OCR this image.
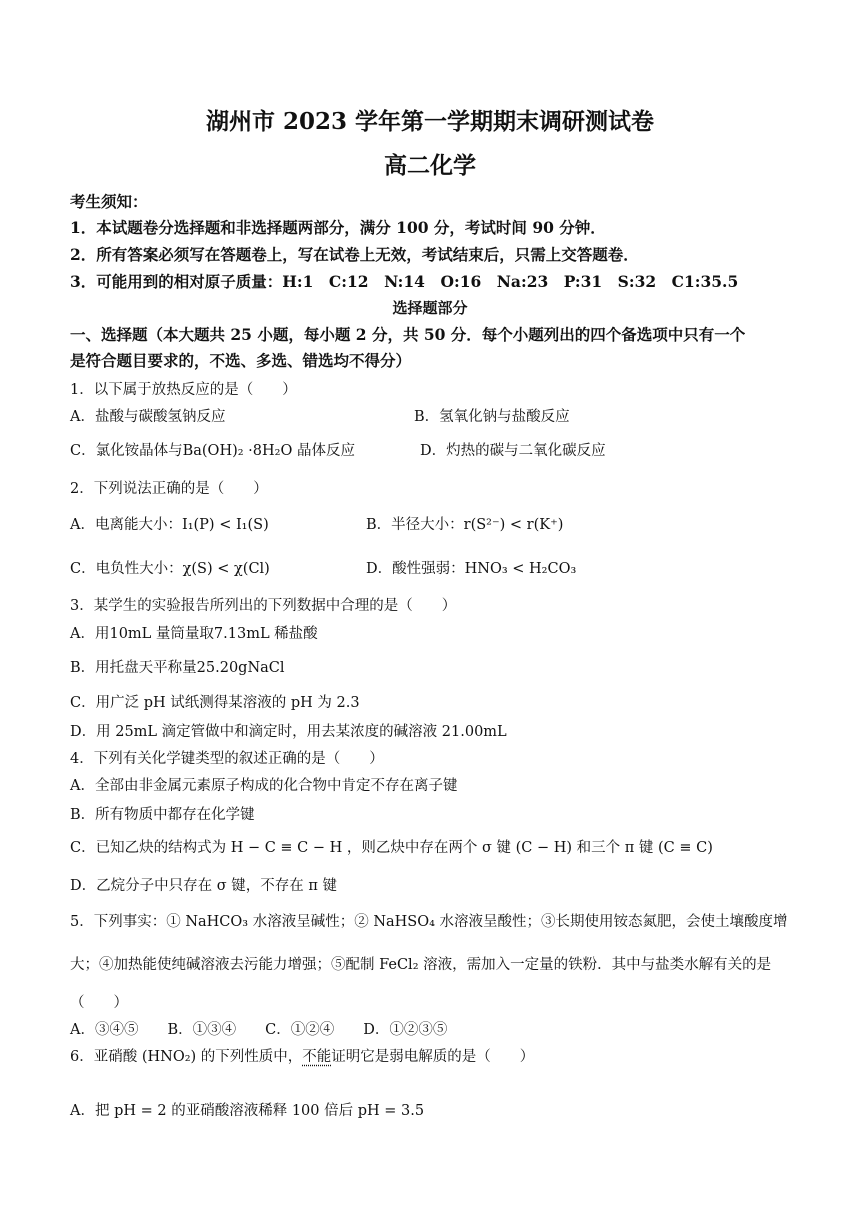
湖州市 2023 学年第一学期期末调研测试卷
高二化学
考生须知：
1．本试题卷分选择题和非选择题两部分，满分 100 分，考试时间 90 分钟．
2．所有答案必须写在答题卷上，写在试卷上无效，考试结束后，只需上交答题卷．
3．可能用到的相对原子质量：H:1　C:12　N:14　O:16　Na:23　P:31　S:32　C1:35.5
选择题部分
一、选择题（本大题共 25 小题，每小题 2 分，共 50 分．每个小题列出的四个备选项中只有一个
是符合题目要求的，不选、多选、错选均不得分）
1．以下属于放热反应的是（　　）
A．盐酸与碳酸氢钠反应	B．氢氧化钠与盐酸反应
C．氯化铵晶体与Ba(OH)₂ ·8H₂O 晶体反应	D．灼热的碳与二氧化碳反应
2．下列说法正确的是（　　）
A．电离能大小：I₁(P) < I₁(S)	B．半径大小：r(S²⁻) < r(K⁺)
C．电负性大小：χ(S) < χ(Cl)	D．酸性强弱：HNO₃ < H₂CO₃
3．某学生的实验报告所列出的下列数据中合理的是（　　）
A．用10mL 量筒量取7.13mL 稀盐酸
B．用托盘天平称量25.20gNaCl
C．用广泛 pH 试纸测得某溶液的 pH 为 2.3
D．用 25mL 滴定管做中和滴定时，用去某浓度的碱溶液 21.00mL
4．下列有关化学键类型的叙述正确的是（　　）
A．全部由非金属元素原子构成的化合物中肯定不存在离子键
B．所有物质中都存在化学键
C．已知乙炔的结构式为 H − C ≡ C − H ，则乙炔中存在两个 σ 键 (C − H) 和三个 π 键 (C ≡ C)
D．乙烷分子中只存在 σ 键，不存在 π 键
5．下列事实：① NaHCO₃ 水溶液呈碱性；② NaHSO₄ 水溶液呈酸性；③长期使用铵态氮肥，会使土壤酸度增
大；④加热能使纯碱溶液去污能力增强；⑤配制 FeCl₂ 溶液，需加入一定量的铁粉．其中与盐类水解有关的是
（　　）
A．③④⑤　　B．①③④　　C．①②④　　D．①②③⑤
6．亚硝酸 (HNO₂) 的下列性质中，不能证明它是弱电解质的是（　　）
A．把 pH = 2 的亚硝酸溶液稀释 100 倍后 pH = 3.5
